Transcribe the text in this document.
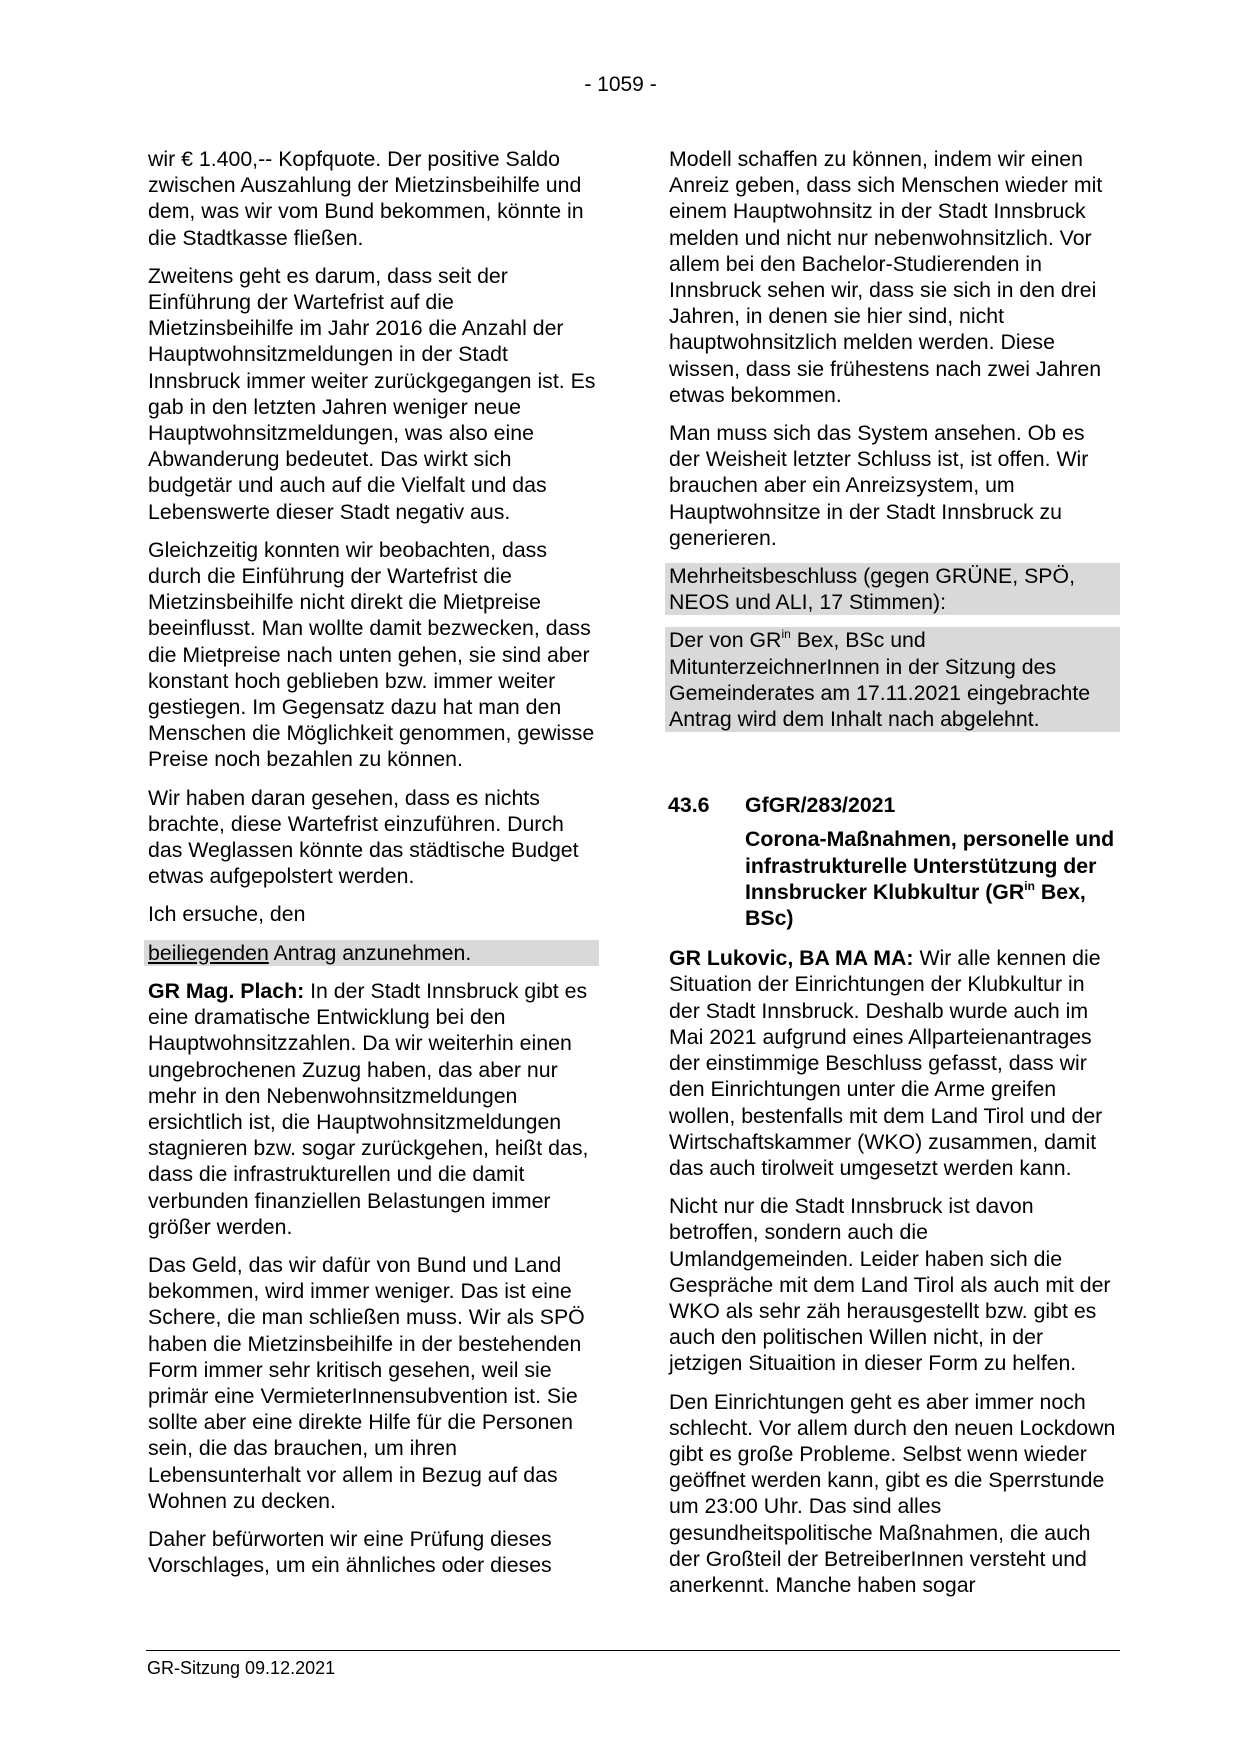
- 1059 -

wir € 1.400,-- Kopfquote. Der positive Saldo zwischen Auszahlung der Mietzinsbeihilfe und dem, was wir vom Bund bekommen, könnte in die Stadtkasse fließen.

Zweitens geht es darum, dass seit der Einführung der Wartefrist auf die Mietzinsbeihilfe im Jahr 2016 die Anzahl der Hauptwohnsitzmeldungen in der Stadt Innsbruck immer weiter zurückgegangen ist. Es gab in den letzten Jahren weniger neue Hauptwohnsitzmeldungen, was also eine Abwanderung bedeutet. Das wirkt sich budgetär und auch auf die Vielfalt und das Lebenswerte dieser Stadt negativ aus.

Gleichzeitig konnten wir beobachten, dass durch die Einführung der Wartefrist die Mietzinsbeihilfe nicht direkt die Mietpreise beeinflusst. Man wollte damit bezwecken, dass die Mietpreise nach unten gehen, sie sind aber konstant hoch geblieben bzw. immer weiter gestiegen. Im Gegensatz dazu hat man den Menschen die Möglichkeit genommen, gewisse Preise noch bezahlen zu können.

Wir haben daran gesehen, dass es nichts brachte, diese Wartefrist einzuführen. Durch das Weglassen könnte das städtische Budget etwas aufgepolstert werden.

Ich ersuche, den

beiliegenden Antrag anzunehmen.

GR Mag. Plach: In der Stadt Innsbruck gibt es eine dramatische Entwicklung bei den Hauptwohnsitzzahlen. Da wir weiterhin einen ungebrochenen Zuzug haben, das aber nur mehr in den Nebenwohnsitzmeldungen ersichtlich ist, die Hauptwohnsitzmeldungen stagnieren bzw. sogar zurückgehen, heißt das, dass die infrastrukturellen und die damit verbunden finanziellen Belastungen immer größer werden.

Das Geld, das wir dafür von Bund und Land bekommen, wird immer weniger. Das ist eine Schere, die man schließen muss. Wir als SPÖ haben die Mietzinsbeihilfe in der bestehenden Form immer sehr kritisch gesehen, weil sie primär eine VermieterInnensubvention ist. Sie sollte aber eine direkte Hilfe für die Personen sein, die das brauchen, um ihren Lebensunterhalt vor allem in Bezug auf das Wohnen zu decken.

Daher befürworten wir eine Prüfung dieses Vorschlages, um ein ähnliches oder dieses

Modell schaffen zu können, indem wir einen Anreiz geben, dass sich Menschen wieder mit einem Hauptwohnsitz in der Stadt Innsbruck melden und nicht nur nebenwohnsitzlich. Vor allem bei den Bachelor-Studierenden in Innsbruck sehen wir, dass sie sich in den drei Jahren, in denen sie hier sind, nicht hauptwohnsitzlich melden werden. Diese wissen, dass sie frühestens nach zwei Jahren etwas bekommen.

Man muss sich das System ansehen. Ob es der Weisheit letzter Schluss ist, ist offen. Wir brauchen aber ein Anreizsystem, um Hauptwohnsitze in der Stadt Innsbruck zu generieren.

Mehrheitsbeschluss (gegen GRÜNE, SPÖ, NEOS und ALI, 17 Stimmen):

Der von $GR^{in}$ Bex, BSc und MitunterzeichnerInnen in der Sitzung des Gemeinderates am 17.11.2021 eingebrachte Antrag wird dem Inhalt nach abgelehnt.

43.6	GfGR/283/2021
Corona-Maßnahmen, personelle und infrastrukturelle Unterstützung der Innsbrucker Klubkultur ($GR^{in}$ Bex, BSc)

GR Lukovic, BA MA MA: Wir alle kennen die Situation der Einrichtungen der Klubkultur in der Stadt Innsbruck. Deshalb wurde auch im Mai 2021 aufgrund eines Allparteienantrages der einstimmige Beschluss gefasst, dass wir den Einrichtungen unter die Arme greifen wollen, bestenfalls mit dem Land Tirol und der Wirtschaftskammer (WKO) zusammen, damit das auch tirolweit umgesetzt werden kann.

Nicht nur die Stadt Innsbruck ist davon betroffen, sondern auch die Umlandgemeinden. Leider haben sich die Gespräche mit dem Land Tirol als auch mit der WKO als sehr zäh herausgestellt bzw. gibt es auch den politischen Willen nicht, in der jetzigen Situaition in dieser Form zu helfen.

Den Einrichtungen geht es aber immer noch schlecht. Vor allem durch den neuen Lockdown gibt es große Probleme. Selbst wenn wieder geöffnet werden kann, gibt es die Sperrstunde um 23:00 Uhr. Das sind alles gesundheitspolitische Maßnahmen, die auch der Großteil der BetreiberInnen versteht und anerkennt. Manche haben sogar

GR-Sitzung 09.12.2021
